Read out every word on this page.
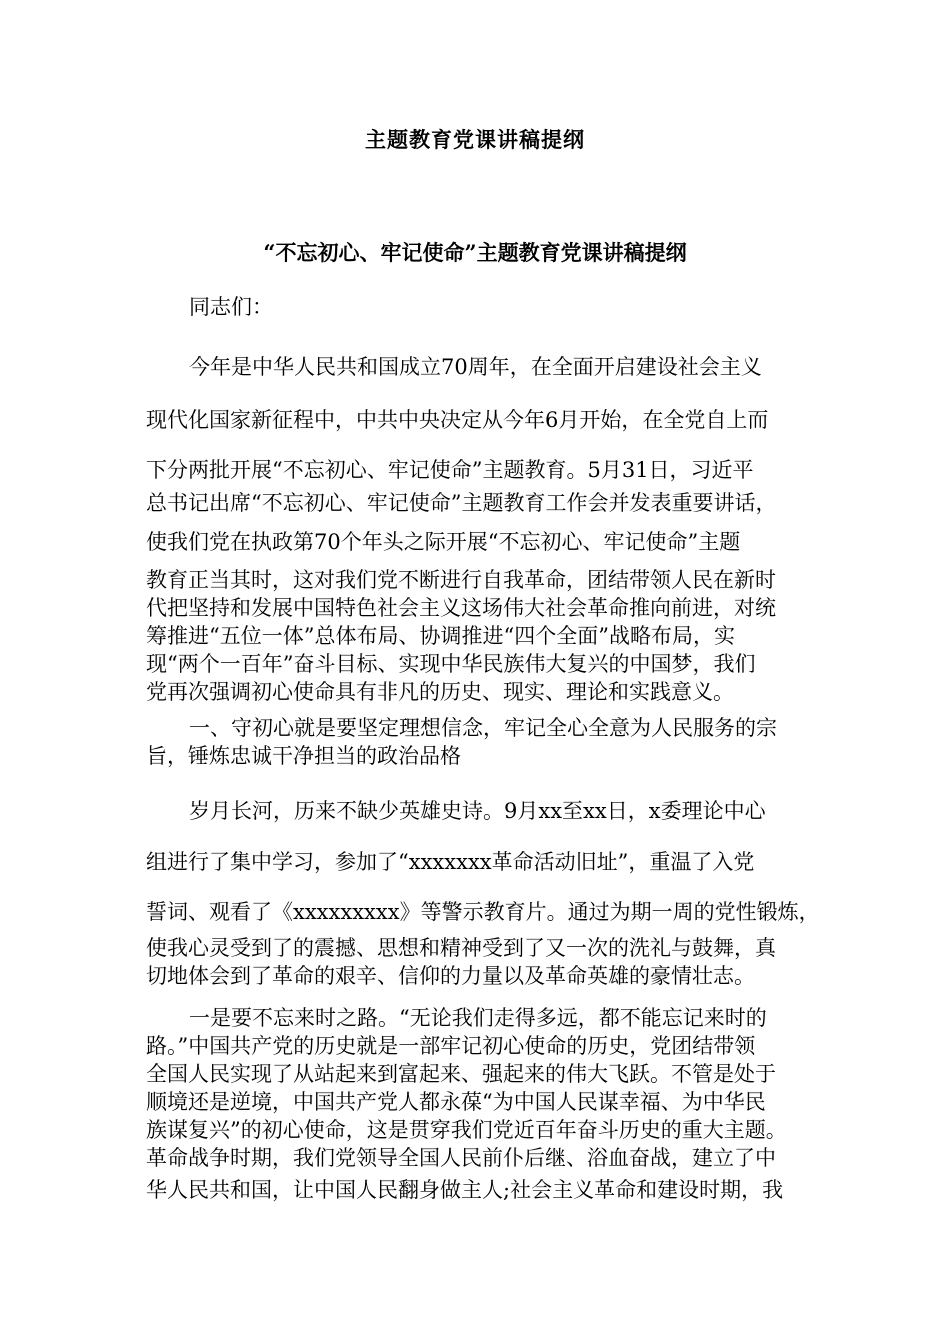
主题教育党课讲稿提纲
“不忘初心、牢记使命”主题教育党课讲稿提纲
同志们：
今年是中华人民共和国成立70周年，在全面开启建设社会主义
现代化国家新征程中，中共中央决定从今年6月开始，在全党自上而
下分两批开展“不忘初心、牢记使命”主题教育。5月31日，习近平
总书记出席“不忘初心、牢记使命”主题教育工作会并发表重要讲话，
使我们党在执政第70个年头之际开展“不忘初心、牢记使命”主题
教育正当其时，这对我们党不断进行自我革命，团结带领人民在新时
代把坚持和发展中国特色社会主义这场伟大社会革命推向前进，对统
筹推进“五位一体”总体布局、协调推进“四个全面”战略布局，实
现“两个一百年”奋斗目标、实现中华民族伟大复兴的中国梦，我们
党再次强调初心使命具有非凡的历史、现实、理论和实践意义。
一、守初心就是要坚定理想信念，牢记全心全意为人民服务的宗
旨，锤炼忠诚干净担当的政治品格
岁月长河，历来不缺少英雄史诗。9月xx至xx日，x委理论中心
组进行了集中学习，参加了“xxxxxxx革命活动旧址”，重温了入党
誓词、观看了《xxxxxxxxx》等警示教育片。通过为期一周的党性锻炼，
使我心灵受到了的震撼、思想和精神受到了又一次的洗礼与鼓舞，真
切地体会到了革命的艰辛、信仰的力量以及革命英雄的豪情壮志。
一是要不忘来时之路。“无论我们走得多远，都不能忘记来时的
路。”中国共产党的历史就是一部牢记初心使命的历史，党团结带领
全国人民实现了从站起来到富起来、强起来的伟大飞跃。不管是处于
顺境还是逆境，中国共产党人都永葆“为中国人民谋幸福、为中华民
族谋复兴”的初心使命，这是贯穿我们党近百年奋斗历史的重大主题。
革命战争时期，我们党领导全国人民前仆后继、浴血奋战，建立了中
华人民共和国，让中国人民翻身做主人;社会主义革命和建设时期，我
